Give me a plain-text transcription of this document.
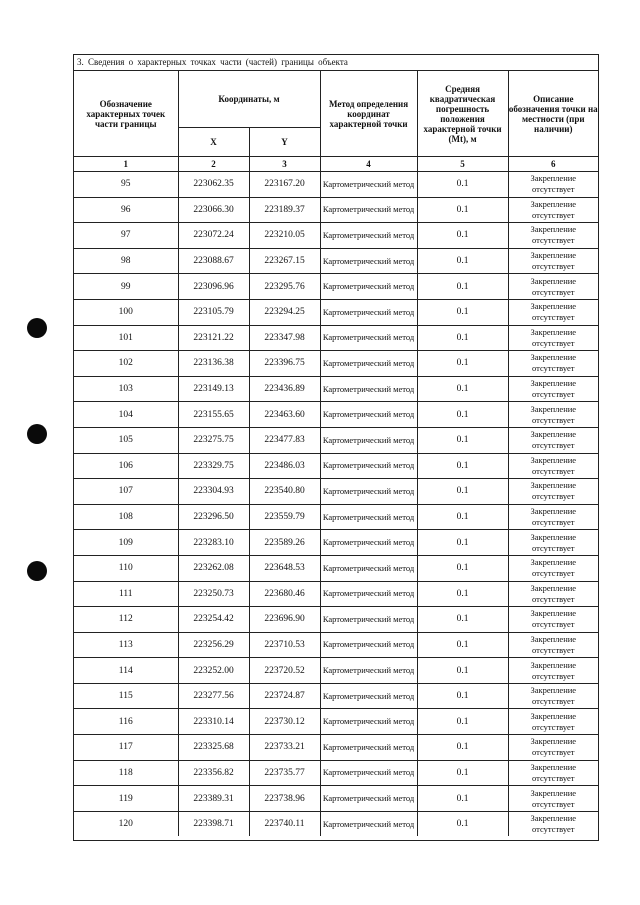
3. Сведения о характерных точках части (частей) границы объекта
Обозначение характерных точек части границы	Координаты, м		Метод определения координат характерной точки	Средняя квадратическая погрешность положения характерной точки (Mt), м	Описание обозначения точки на местности (при наличии)
	X	Y			
1	2	3	4	5	6
95	223062.35	223167.20	Картометрический метод	0.1	Закрепление отсутствует
96	223066.30	223189.37	Картометрический метод	0.1	Закрепление отсутствует
97	223072.24	223210.05	Картометрический метод	0.1	Закрепление отсутствует
98	223088.67	223267.15	Картометрический метод	0.1	Закрепление отсутствует
99	223096.96	223295.76	Картометрический метод	0.1	Закрепление отсутствует
100	223105.79	223294.25	Картометрический метод	0.1	Закрепление отсутствует
101	223121.22	223347.98	Картометрический метод	0.1	Закрепление отсутствует
102	223136.38	223396.75	Картометрический метод	0.1	Закрепление отсутствует
103	223149.13	223436.89	Картометрический метод	0.1	Закрепление отсутствует
104	223155.65	223463.60	Картометрический метод	0.1	Закрепление отсутствует
105	223275.75	223477.83	Картометрический метод	0.1	Закрепление отсутствует
106	223329.75	223486.03	Картометрический метод	0.1	Закрепление отсутствует
107	223304.93	223540.80	Картометрический метод	0.1	Закрепление отсутствует
108	223296.50	223559.79	Картометрический метод	0.1	Закрепление отсутствует
109	223283.10	223589.26	Картометрический метод	0.1	Закрепление отсутствует
110	223262.08	223648.53	Картометрический метод	0.1	Закрепление отсутствует
111	223250.73	223680.46	Картометрический метод	0.1	Закрепление отсутствует
112	223254.42	223696.90	Картометрический метод	0.1	Закрепление отсутствует
113	223256.29	223710.53	Картометрический метод	0.1	Закрепление отсутствует
114	223252.00	223720.52	Картометрический метод	0.1	Закрепление отсутствует
115	223277.56	223724.87	Картометрический метод	0.1	Закрепление отсутствует
116	223310.14	223730.12	Картометрический метод	0.1	Закрепление отсутствует
117	223325.68	223733.21	Картометрический метод	0.1	Закрепление отсутствует
118	223356.82	223735.77	Картометрический метод	0.1	Закрепление отсутствует
119	223389.31	223738.96	Картометрический метод	0.1	Закрепление отсутствует
120	223398.71	223740.11	Картометрический метод	0.1	Закрепление отсутствует
